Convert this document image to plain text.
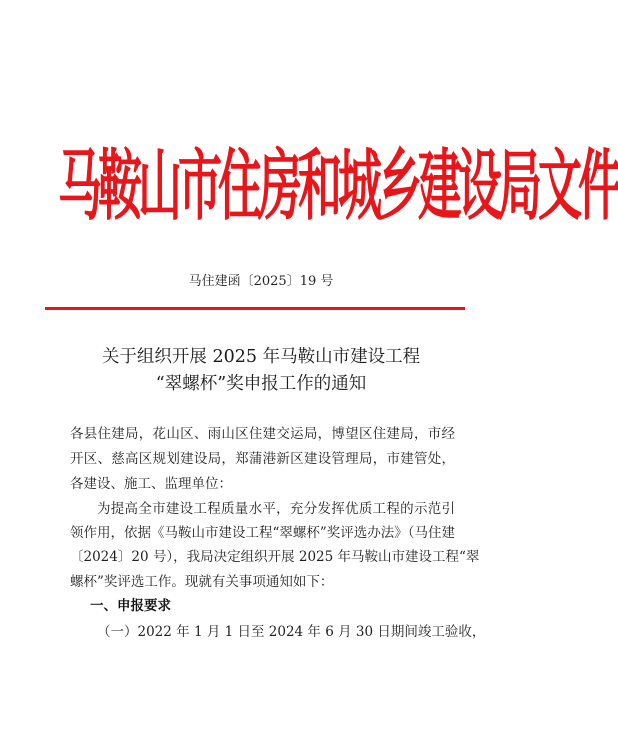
马鞍山市住房和城乡建设局文件
马住建函〔2025〕19 号
关于组织开展 2025 年马鞍山市建设工程
“翠螺杯”奖申报工作的通知
各县住建局，花山区、雨山区住建交运局，博望区住建局，市经
开区、慈高区规划建设局，郑蒲港新区建设管理局，市建管处，
各建设、施工、监理单位：
为提高全市建设工程质量水平，充分发挥优质工程的示范引
领作用，依据《马鞍山市建设工程“翠螺杯”奖评选办法》（马住建
〔2024〕20 号），我局决定组织开展 2025 年马鞍山市建设工程“翠
螺杯”奖评选工作。现就有关事项通知如下：
一、申报要求
（一）2022 年 1 月 1 日至 2024 年 6 月 30 日期间竣工验收，
